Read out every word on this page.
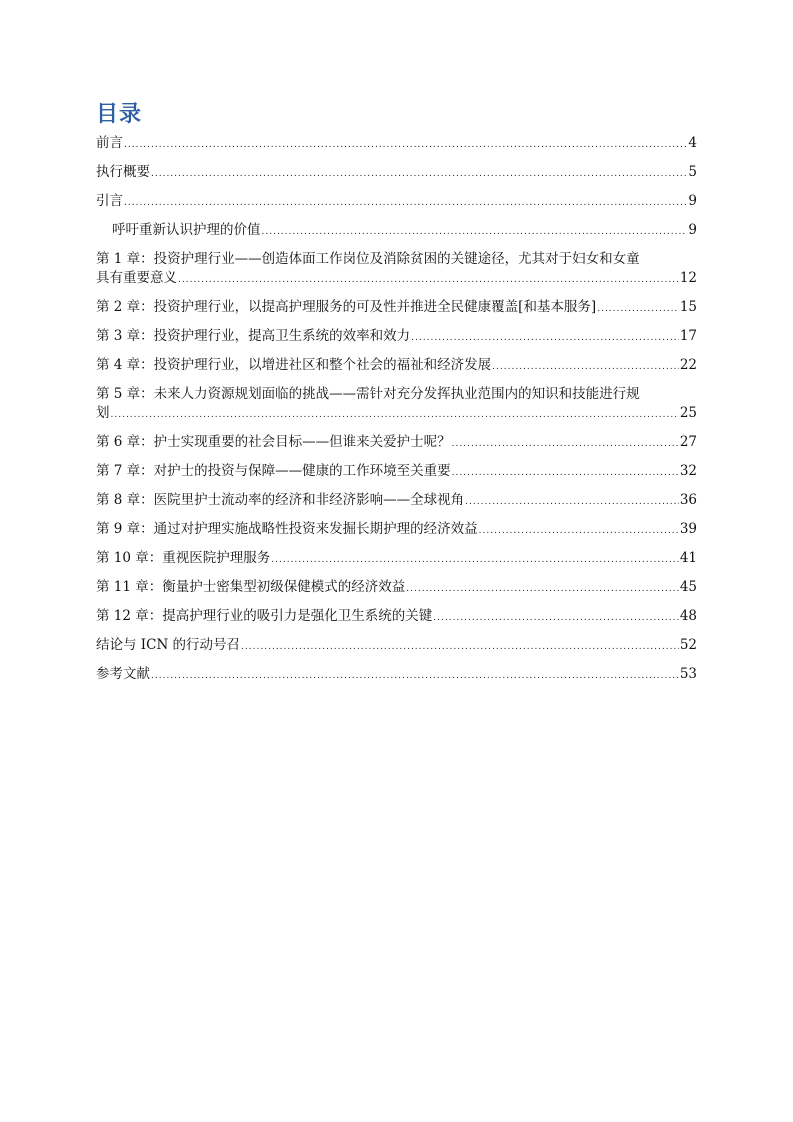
目录
前言 .....	4
执行概要 .....	5
引言 .....	9
呼吁重新认识护理的价值 .....	9
第 1 章：投资护理行业——创造体面工作岗位及消除贫困的关键途径，尤其对于妇女和女童
具有重要意义 .....	12
第 2 章：投资护理行业，以提高护理服务的可及性并推进全民健康覆盖[和基本服务] .....	15
第 3 章：投资护理行业，提高卫生系统的效率和效力 .....	17
第 4 章：投资护理行业，以增进社区和整个社会的福祉和经济发展 .....	22
第 5 章：未来人力资源规划面临的挑战——需针对充分发挥执业范围内的知识和技能进行规
划 .....	25
第 6 章：护士实现重要的社会目标——但谁来关爱护士呢？ .....	27
第 7 章：对护士的投资与保障——健康的工作环境至关重要 .....	32
第 8 章：医院里护士流动率的经济和非经济影响——全球视角 .....	36
第 9 章：通过对护理实施战略性投资来发掘长期护理的经济效益 .....	39
第 10 章：重视医院护理服务 .....	41
第 11 章：衡量护士密集型初级保健模式的经济效益 .....	45
第 12 章：提高护理行业的吸引力是强化卫生系统的关键 .....	48
结论与 ICN 的行动号召 .....	52
参考文献 .....	53
